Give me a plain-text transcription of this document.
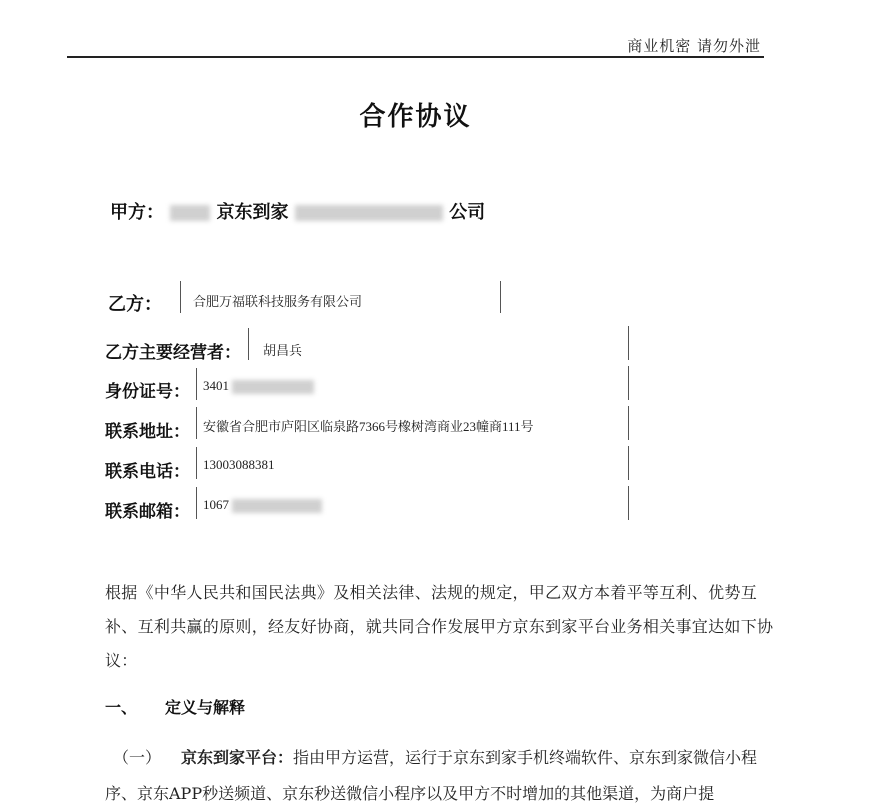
商业机密 请勿外泄
合作协议
甲方：	京东到家	公司
乙方： 合肥万福联科技服务有限公司
乙方主要经营者： 胡昌兵
身份证号： 3401
联系地址： 安徽省合肥市庐阳区临泉路7366号橡树湾商业23幢商111号
联系电话： 13003088381
联系邮箱： 1067
根据《中华人民共和国民法典》及相关法律、法规的规定，甲乙双方本着平等互利、优势互补、互利共赢的原则，经友好协商，就共同合作发展甲方京东到家平台业务相关事宜达如下协议：
一、 定义与解释
（一） 京东到家平台：指由甲方运营，运行于京东到家手机终端软件、京东到家微信小程序、京东APP秒送频道、京东秒送微信小程序以及甲方不时增加的其他渠道，为商户提
